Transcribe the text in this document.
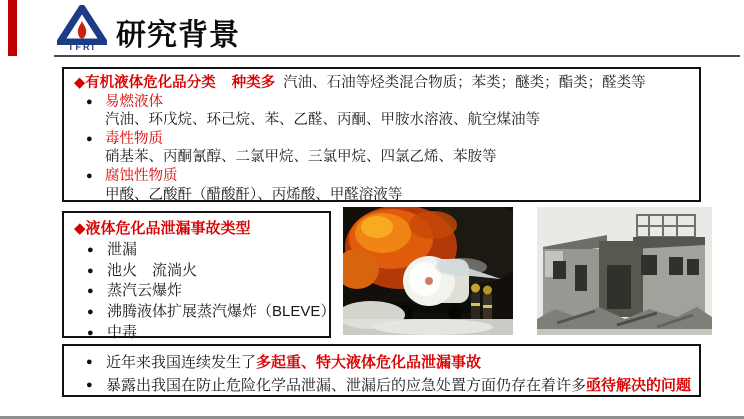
TFRI 研究背景
◆有机液体危化品分类 种类多 汽油、石油等烃类混合物质；苯类；醚类；酯类；醛类等
● 易燃液体
汽油、环戊烷、环己烷、苯、乙醛、丙酮、甲胺水溶液、航空煤油等
● 毒性物质
硝基苯、丙酮氰醇、二氯甲烷、三氯甲烷、四氯乙烯、苯胺等
● 腐蚀性物质
甲酸、乙酸酐（醋酸酐）、丙烯酸、甲醛溶液等
◆液体危化品泄漏事故类型
● 泄漏
● 池火　流淌火
● 蒸汽云爆炸
● 沸腾液体扩展蒸汽爆炸（BLEVE）
● 中毒
● 近年来我国连续发生了多起重、特大液体危化品泄漏事故
● 暴露出我国在防止危险化学品泄漏、泄漏后的应急处置方面仍存在着许多亟待解决的问题
